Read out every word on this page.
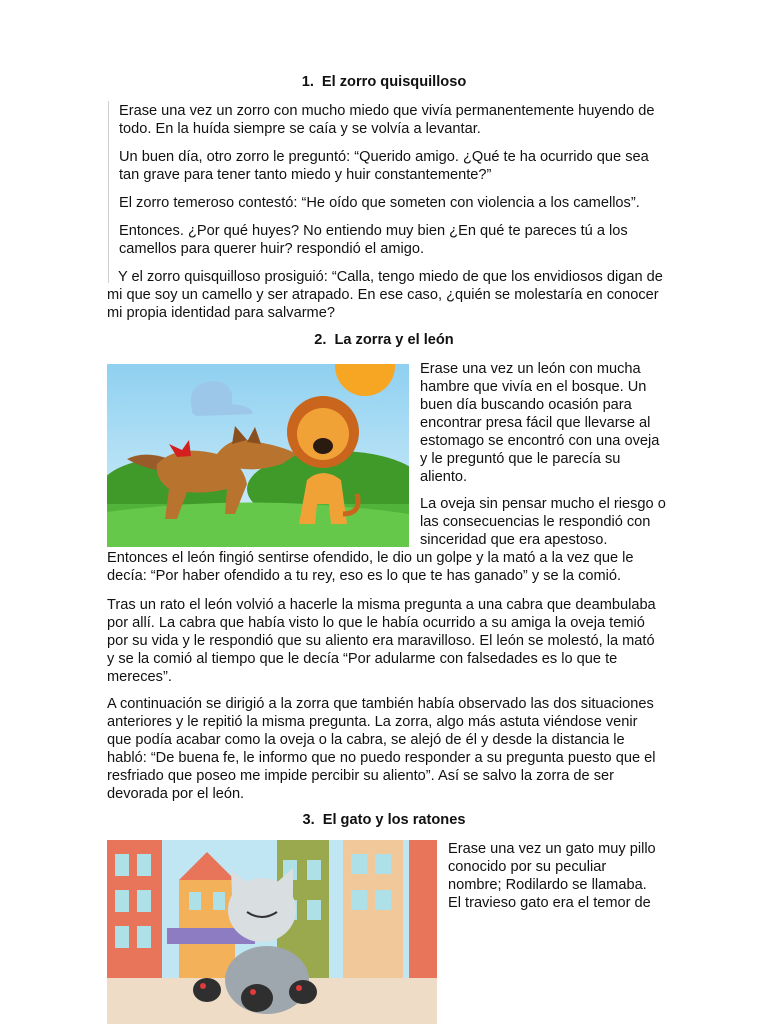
1. El zorro quisquilloso

Erase una vez un zorro con mucho miedo que vivía permanentemente huyendo de todo. En la huída siempre se caía y se volvía a levantar.

Un buen día, otro zorro le preguntó: “Querido amigo. ¿Qué te ha ocurrido que sea tan grave para tener tanto miedo y huir constantemente?”

El zorro temeroso contestó: “He oído que someten con violencia a los camellos”.

Entonces. ¿Por qué huyes? No entiendo muy bien ¿En qué te pareces tú a los camellos para querer huir? respondió el amigo.

Y el zorro quisquilloso prosiguió: “Calla, tengo miedo de que los envidiosos digan de mi que soy un camello y ser atrapado. En ese caso, ¿quién se molestaría en conocer mi propia identidad para salvarme?

2. La zorra y el león

Erase una vez un león con mucha hambre que vivía en el bosque. Un buen día buscando ocasión para encontrar presa fácil que llevarse al estomago se encontró con una oveja y le preguntó que le parecía su aliento.

La oveja sin pensar mucho el riesgo o las consecuencias le respondió con sinceridad que era apestoso.

Entonces el león fingió sentirse ofendido, le dio un golpe y la mató a la vez que le decía: “Por haber ofendido a tu rey, eso es lo que te has ganado” y se la comió.

Tras un rato el león volvió a hacerle la misma pregunta a una cabra que deambulaba por allí. La cabra que había visto lo que le había ocurrido a su amiga la oveja temió por su vida y le respondió que su aliento era maravilloso. El león se molestó, la mató y se la comió al tiempo que le decía “Por adularme con falsedades es lo que te mereces”.

A continuación se dirigió a la zorra que también había observado las dos situaciones anteriores y le repitió la misma pregunta. La zorra, algo más astuta viéndose venir que podía acabar como la oveja o la cabra, se alejó de él y desde la distancia le habló: “De buena fe, le informo que no puedo responder a su pregunta puesto que el resfriado que poseo me impide percibir su aliento”. Así se salvo la zorra de ser devorada por el león.

3. El gato y los ratones

Erase una vez un gato muy pillo conocido por su peculiar nombre; Rodilardo se llamaba. El travieso gato era el temor de
